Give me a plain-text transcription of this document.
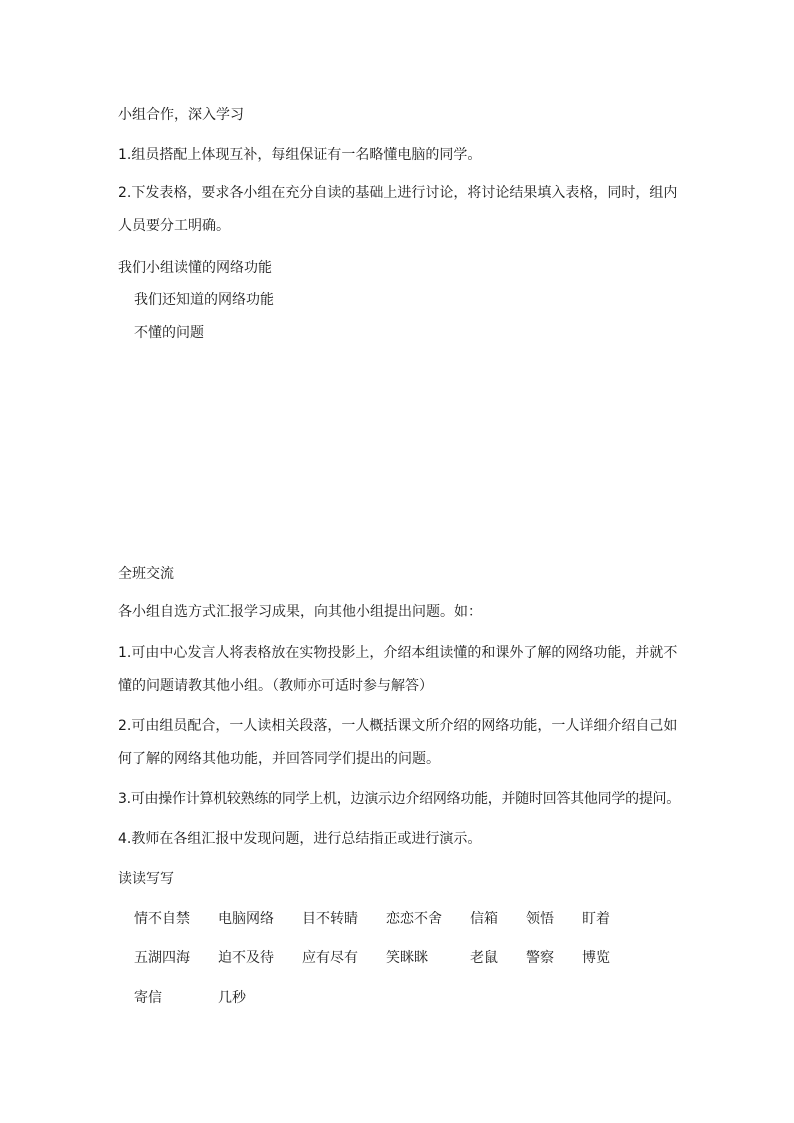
小组合作，深入学习
1.组员搭配上体现互补，每组保证有一名略懂电脑的同学。
2.下发表格，要求各小组在充分自读的基础上进行讨论，将讨论结果填入表格，同时，组内
人员要分工明确。
我们小组读懂的网络功能
我们还知道的网络功能
不懂的问题
全班交流
各小组自选方式汇报学习成果，向其他小组提出问题。如：
1.可由中心发言人将表格放在实物投影上，介绍本组读懂的和课外了解的网络功能，并就不
懂的问题请教其他小组。（教师亦可适时参与解答）
2.可由组员配合，一人读相关段落，一人概括课文所介绍的网络功能，一人详细介绍自己如
何了解的网络其他功能，并回答同学们提出的问题。
3.可由操作计算机较熟练的同学上机，边演示边介绍网络功能，并随时回答其他同学的提问。
4.教师在各组汇报中发现问题，进行总结指正或进行演示。
读读写写
情不自禁 电脑网络 目不转睛 恋恋不舍 信箱 领悟 盯着
五湖四海 迫不及待 应有尽有 笑眯眯	老鼠 警察 博览
寄信	几秒
